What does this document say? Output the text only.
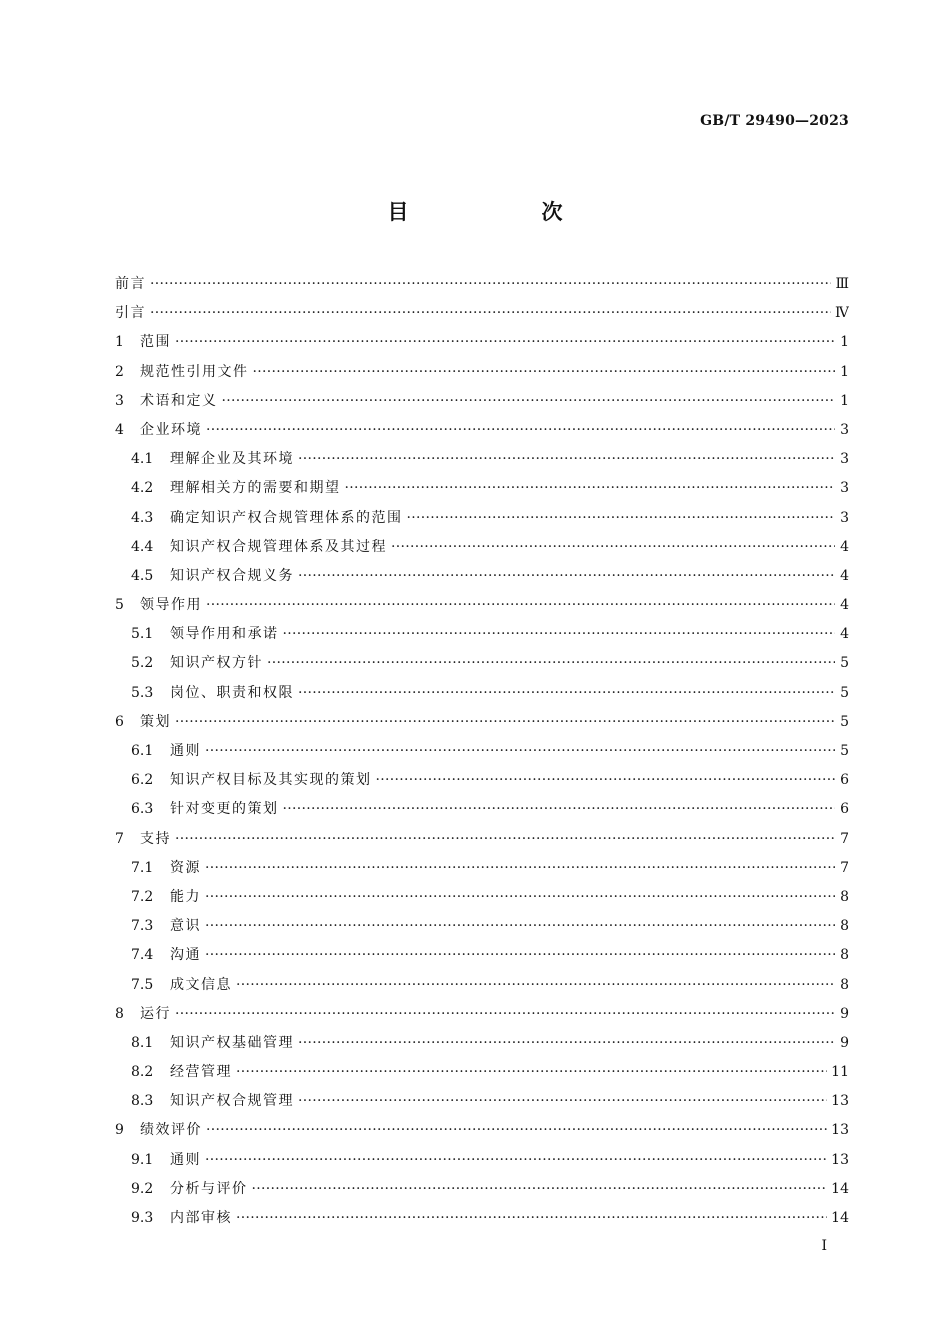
GB/T 29490—2023
目　次
前言 ·····	Ⅲ
引言 ·····	Ⅳ
1	范围 ·····	1
2	规范性引用文件 ·····	1
3	术语和定义 ·····	1
4	企业环境 ·····	3
4.1	理解企业及其环境 ·····	3
4.2	理解相关方的需要和期望 ·····	3
4.3	确定知识产权合规管理体系的范围 ·····	3
4.4	知识产权合规管理体系及其过程 ·····	4
4.5	知识产权合规义务 ·····	4
5	领导作用 ·····	4
5.1	领导作用和承诺 ·····	4
5.2	知识产权方针 ·····	5
5.3	岗位、职责和权限 ·····	5
6	策划 ·····	5
6.1	通则 ·····	5
6.2	知识产权目标及其实现的策划 ·····	6
6.3	针对变更的策划 ·····	6
7	支持 ·····	7
7.1	资源 ·····	7
7.2	能力 ·····	8
7.3	意识 ·····	8
7.4	沟通 ·····	8
7.5	成文信息 ·····	8
8	运行 ·····	9
8.1	知识产权基础管理 ·····	9
8.2	经营管理 ·····	11
8.3	知识产权合规管理 ·····	13
9	绩效评价 ·····	13
9.1	通则 ·····	13
9.2	分析与评价 ·····	14
9.3	内部审核 ·····	14
Ⅰ
